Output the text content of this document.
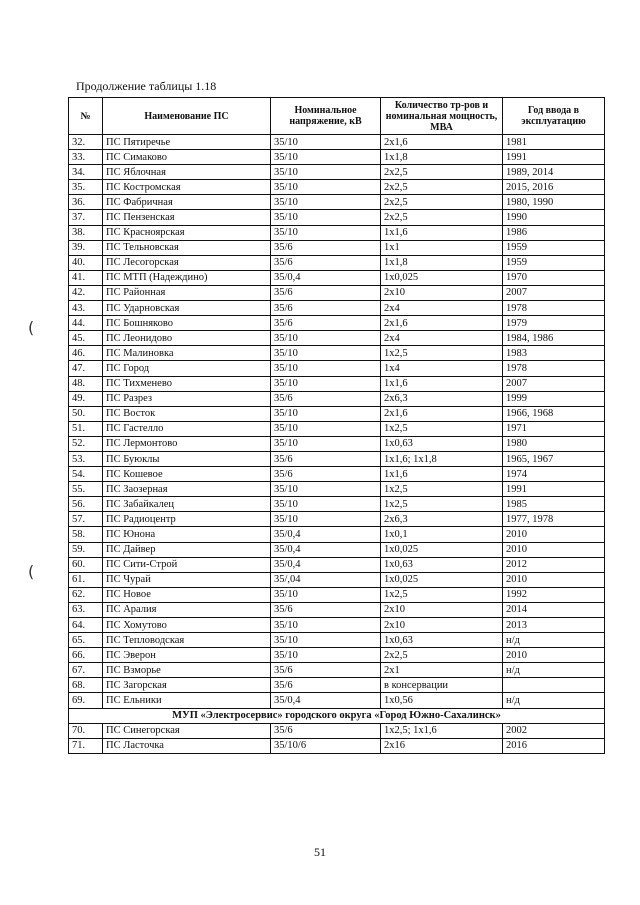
Продолжение таблицы 1.18
№	Наименование ПС	Номинальное напряжение, кВ	Количество тр-ров и номинальная мощность, МВА	Год ввода в эксплуатацию
32.	ПС Пятиречье	35/10	2x1,6	1981
33.	ПС Симаково	35/10	1x1,8	1991
34.	ПС Яблочная	35/10	2x2,5	1989, 2014
35.	ПС Костромская	35/10	2x2,5	2015, 2016
36.	ПС Фабричная	35/10	2x2,5	1980, 1990
37.	ПС Пензенская	35/10	2x2,5	1990
38.	ПС Красноярская	35/10	1x1,6	1986
39.	ПС Тельновская	35/6	1x1	1959
40.	ПС Лесогорская	35/6	1x1,8	1959
41.	ПС МТП (Надеждино)	35/0,4	1x0,025	1970
42.	ПС Районная	35/6	2x10	2007
43.	ПС Ударновская	35/6	2x4	1978
44.	ПС Бошняково	35/6	2x1,6	1979
45.	ПС Леонидово	35/10	2x4	1984, 1986
46.	ПС Малиновка	35/10	1x2,5	1983
47.	ПС Город	35/10	1x4	1978
48.	ПС Тихменево	35/10	1x1,6	2007
49.	ПС Разрез	35/6	2x6,3	1999
50.	ПС Восток	35/10	2x1,6	1966, 1968
51.	ПС Гастелло	35/10	1x2,5	1971
52.	ПС Лермонтово	35/10	1x0,63	1980
53.	ПС Буюклы	35/6	1x1,6; 1x1,8	1965, 1967
54.	ПС Кошевое	35/6	1x1,6	1974
55.	ПС Заозерная	35/10	1x2,5	1991
56.	ПС Забайкалец	35/10	1x2,5	1985
57.	ПС Радиоцентр	35/10	2x6,3	1977, 1978
58.	ПС Юнона	35/0,4	1x0,1	2010
59.	ПС Дайвер	35/0,4	1x0,025	2010
60.	ПС Сити-Строй	35/0,4	1x0,63	2012
61.	ПС Чурай	35/,04	1x0,025	2010
62.	ПС Новое	35/10	1x2,5	1992
63.	ПС Аралия	35/6	2x10	2014
64.	ПС Хомутово	35/10	2x10	2013
65.	ПС Тепловодская	35/10	1x0,63	н/д
66.	ПС Эверон	35/10	2x2,5	2010
67.	ПС Взморье	35/6	2x1	н/д
68.	ПС Загорская	35/6	в консервации	
69.	ПС Ельники	35/0,4	1x0,56	н/д
МУП «Электросервис» городского округа «Город Южно-Сахалинск»				
70.	ПС Синегорская	35/6	1x2,5; 1x1,6	2002
71.	ПС Ласточка	35/10/6	2x16	2016
51
(
(
